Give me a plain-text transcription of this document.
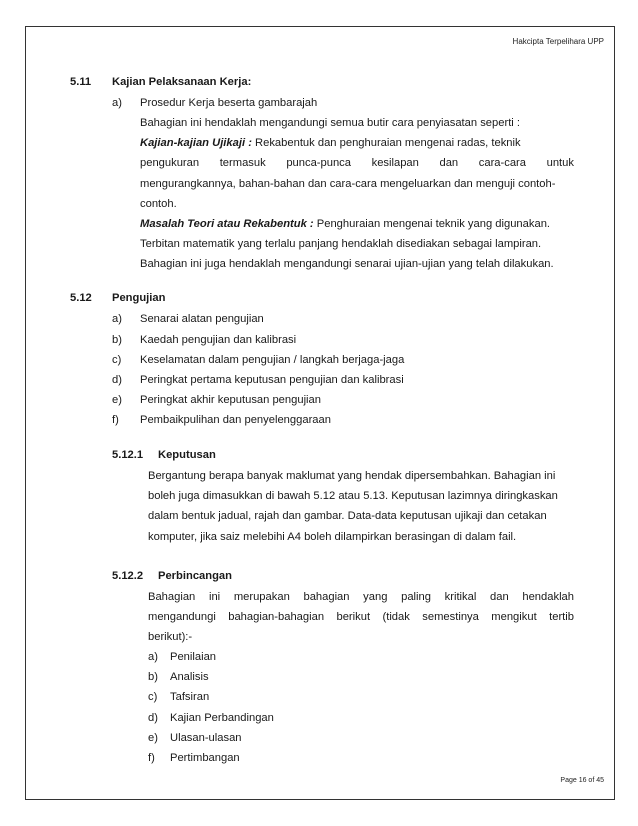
Hakcipta Terpelihara UPP
5.11 Kajian Pelaksanaan Kerja:
a) Prosedur Kerja beserta gambarajah
Bahagian ini hendaklah mengandungi semua butir cara penyiasatan seperti :
Kajian-kajian Ujikaji : Rekabentuk dan penghuraian mengenai radas, teknik
pengukuran termasuk punca-punca kesilapan dan cara-cara untuk
mengurangkannya, bahan-bahan dan cara-cara mengeluarkan dan menguji contoh-
contoh.
Masalah Teori atau Rekabentuk : Penghuraian mengenai teknik yang digunakan.
Terbitan matematik yang terlalu panjang hendaklah disediakan sebagai lampiran.
Bahagian ini juga hendaklah mengandungi senarai ujian-ujian yang telah dilakukan.
5.12 Pengujian
a) Senarai alatan pengujian
b) Kaedah pengujian dan kalibrasi
c) Keselamatan dalam pengujian / langkah berjaga-jaga
d) Peringkat pertama keputusan pengujian dan kalibrasi
e) Peringkat akhir keputusan pengujian
f) Pembaikpulihan dan penyelenggaraan
5.12.1 Keputusan
Bergantung berapa banyak maklumat yang hendak dipersembahkan. Bahagian ini
boleh juga dimasukkan di bawah 5.12 atau 5.13. Keputusan lazimnya diringkaskan
dalam bentuk jadual, rajah dan gambar. Data-data keputusan ujikaji dan cetakan
komputer, jika saiz melebihi A4 boleh dilampirkan berasingan di dalam fail.
5.12.2 Perbincangan
Bahagian ini merupakan bahagian yang paling kritikal dan hendaklah
mengandungi bahagian-bahagian berikut (tidak semestinya mengikut tertib
berikut):-
a) Penilaian
b) Analisis
c) Tafsiran
d) Kajian Perbandingan
e) Ulasan-ulasan
f) Pertimbangan
Page 16 of 45
